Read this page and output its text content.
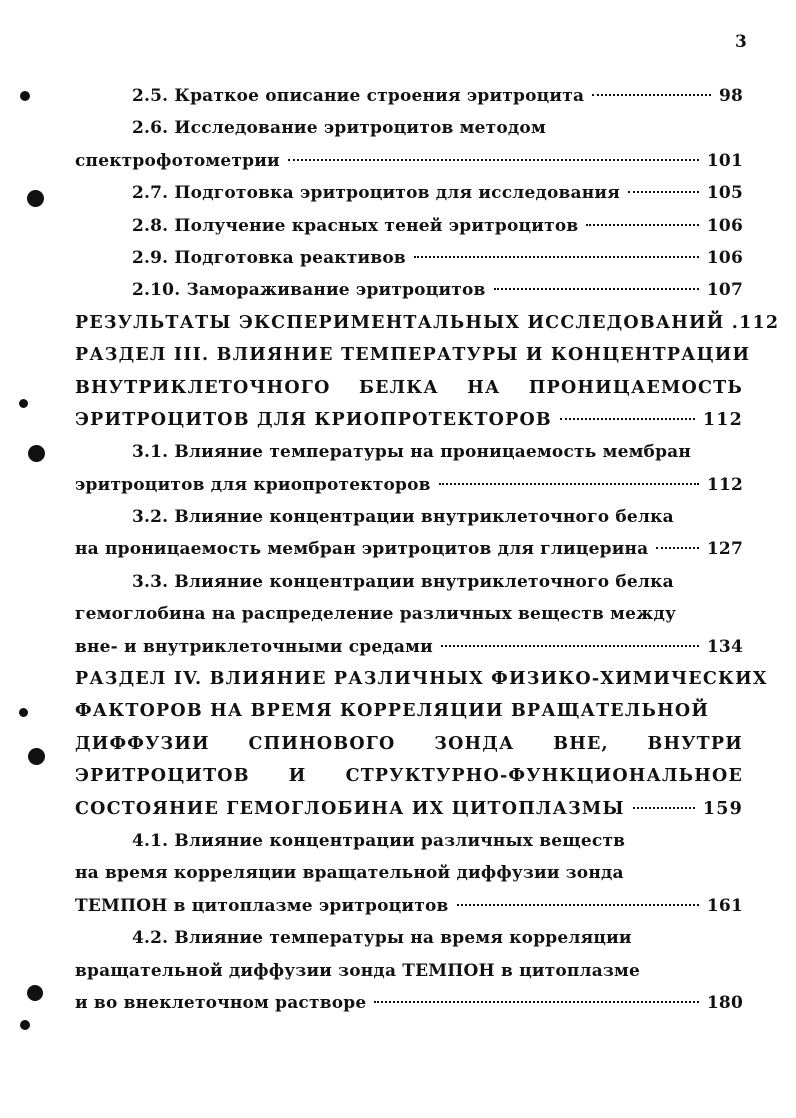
3
2.5. Краткое описание строения эритроцита	98
2.6. Исследование эритроцитов методом
спектрофотометрии	101
2.7. Подготовка эритроцитов для исследования	105
2.8. Получение красных теней эритроцитов	106
2.9. Подготовка реактивов	106
2.10. Замораживание эритроцитов	107
РЕЗУЛЬТАТЫ ЭКСПЕРИМЕНТАЛЬНЫХ ИССЛЕДОВАНИЙ . 112
РАЗДЕЛ III. ВЛИЯНИЕ ТЕМПЕРАТУРЫ И КОНЦЕНТРАЦИИ
ВНУТРИКЛЕТОЧНОГО БЕЛКА НА ПРОНИЦАЕМОСТЬ
ЭРИТРОЦИТОВ ДЛЯ КРИОПРОТЕКТОРОВ	112
3.1. Влияние температуры на проницаемость мембран
эритроцитов для криопротекторов	112
3.2. Влияние концентрации внутриклеточного белка
на проницаемость мембран эритроцитов для глицерина	127
3.3. Влияние концентрации внутриклеточного белка
гемоглобина на распределение различных веществ между
вне- и внутриклеточными средами	134
РАЗДЕЛ IV. ВЛИЯНИЕ РАЗЛИЧНЫХ ФИЗИКО-ХИМИЧЕСКИХ
ФАКТОРОВ НА ВРЕМЯ КОРРЕЛЯЦИИ ВРАЩАТЕЛЬНОЙ
ДИФФУЗИИ СПИНОВОГО ЗОНДА ВНЕ, ВНУТРИ
ЭРИТРОЦИТОВ И СТРУКТУРНО-ФУНКЦИОНАЛЬНОЕ
СОСТОЯНИЕ ГЕМОГЛОБИНА ИХ ЦИТОПЛАЗМЫ	159
4.1. Влияние концентрации различных веществ
на время корреляции вращательной диффузии зонда
ТЕМПОН в цитоплазме эритроцитов	161
4.2. Влияние температуры на время корреляции
вращательной диффузии зонда ТЕМПОН в цитоплазме
и во внеклеточном растворе	180
